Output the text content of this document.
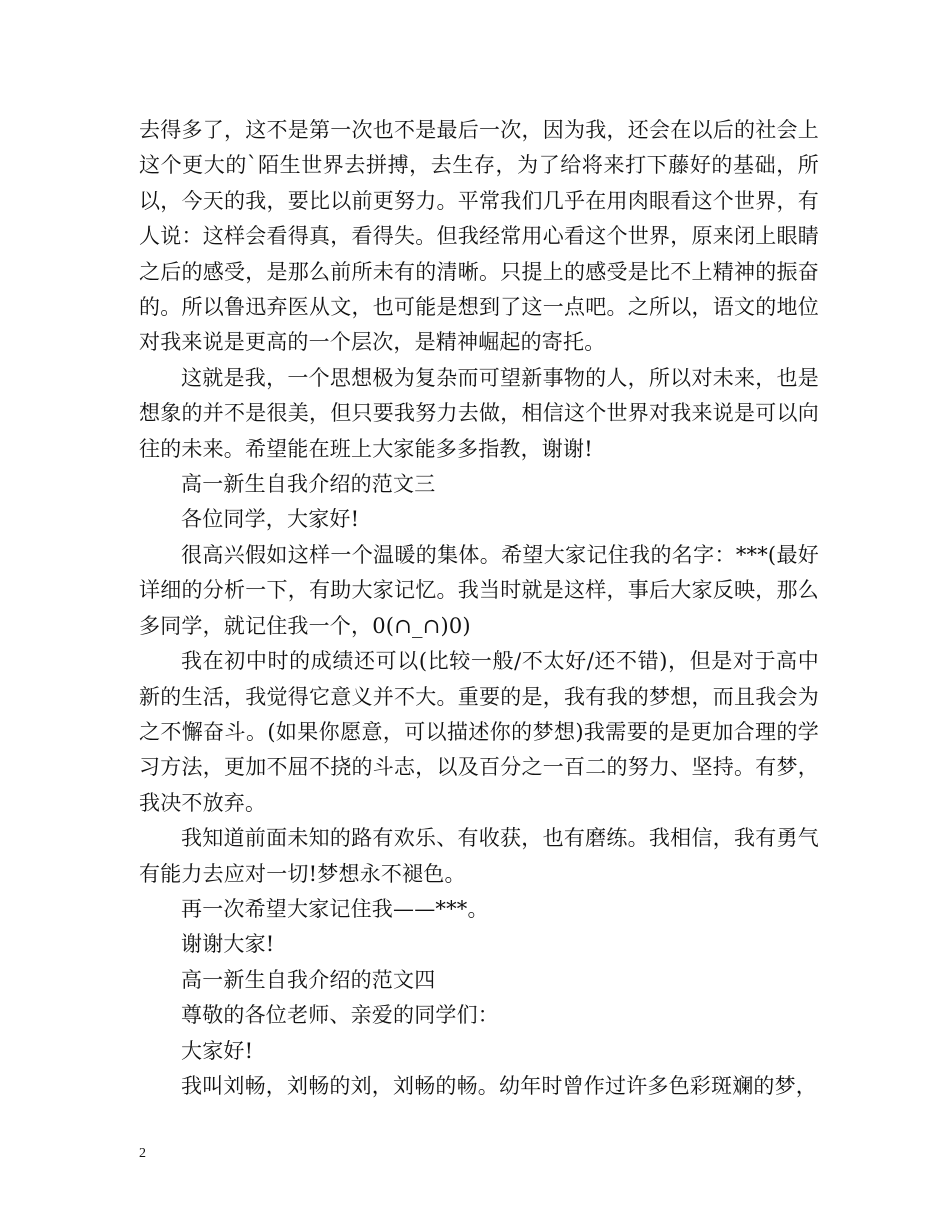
去得多了，这不是第一次也不是最后一次，因为我，还会在以后的社会上这个更大的`陌生世界去拼搏，去生存，为了给将来打下藤好的基础，所以，今天的我，要比以前更努力。平常我们几乎在用肉眼看这个世界，有人说：这样会看得真，看得失。但我经常用心看这个世界，原来闭上眼睛之后的感受，是那么前所未有的清晰。只提上的感受是比不上精神的振奋的。所以鲁迅弃医从文，也可能是想到了这一点吧。之所以，语文的地位对我来说是更高的一个层次，是精神崛起的寄托。

这就是我，一个思想极为复杂而可望新事物的人，所以对未来，也是想象的并不是很美，但只要我努力去做，相信这个世界对我来说是可以向往的未来。希望能在班上大家能多多指教，谢谢!

高一新生自我介绍的范文三

各位同学，大家好!

很高兴假如这样一个温暖的集体。希望大家记住我的名字：***(最好详细的分析一下，有助大家记忆。我当时就是这样，事后大家反映，那么多同学，就记住我一个，0(∩_∩)0)

我在初中时的成绩还可以(比较一般/不太好/还不错)，但是对于高中新的生活，我觉得它意义并不大。重要的是，我有我的梦想，而且我会为之不懈奋斗。(如果你愿意，可以描述你的梦想)我需要的是更加合理的学习方法，更加不屈不挠的斗志，以及百分之一百二的努力、坚持。有梦，我决不放弃。

我知道前面未知的路有欢乐、有收获，也有磨练。我相信，我有勇气有能力去应对一切!梦想永不褪色。

再一次希望大家记住我——***。

谢谢大家!

高一新生自我介绍的范文四

尊敬的各位老师、亲爱的同学们：

大家好!

我叫刘畅，刘畅的刘，刘畅的畅。幼年时曾作过许多色彩斑斓的梦，

2
